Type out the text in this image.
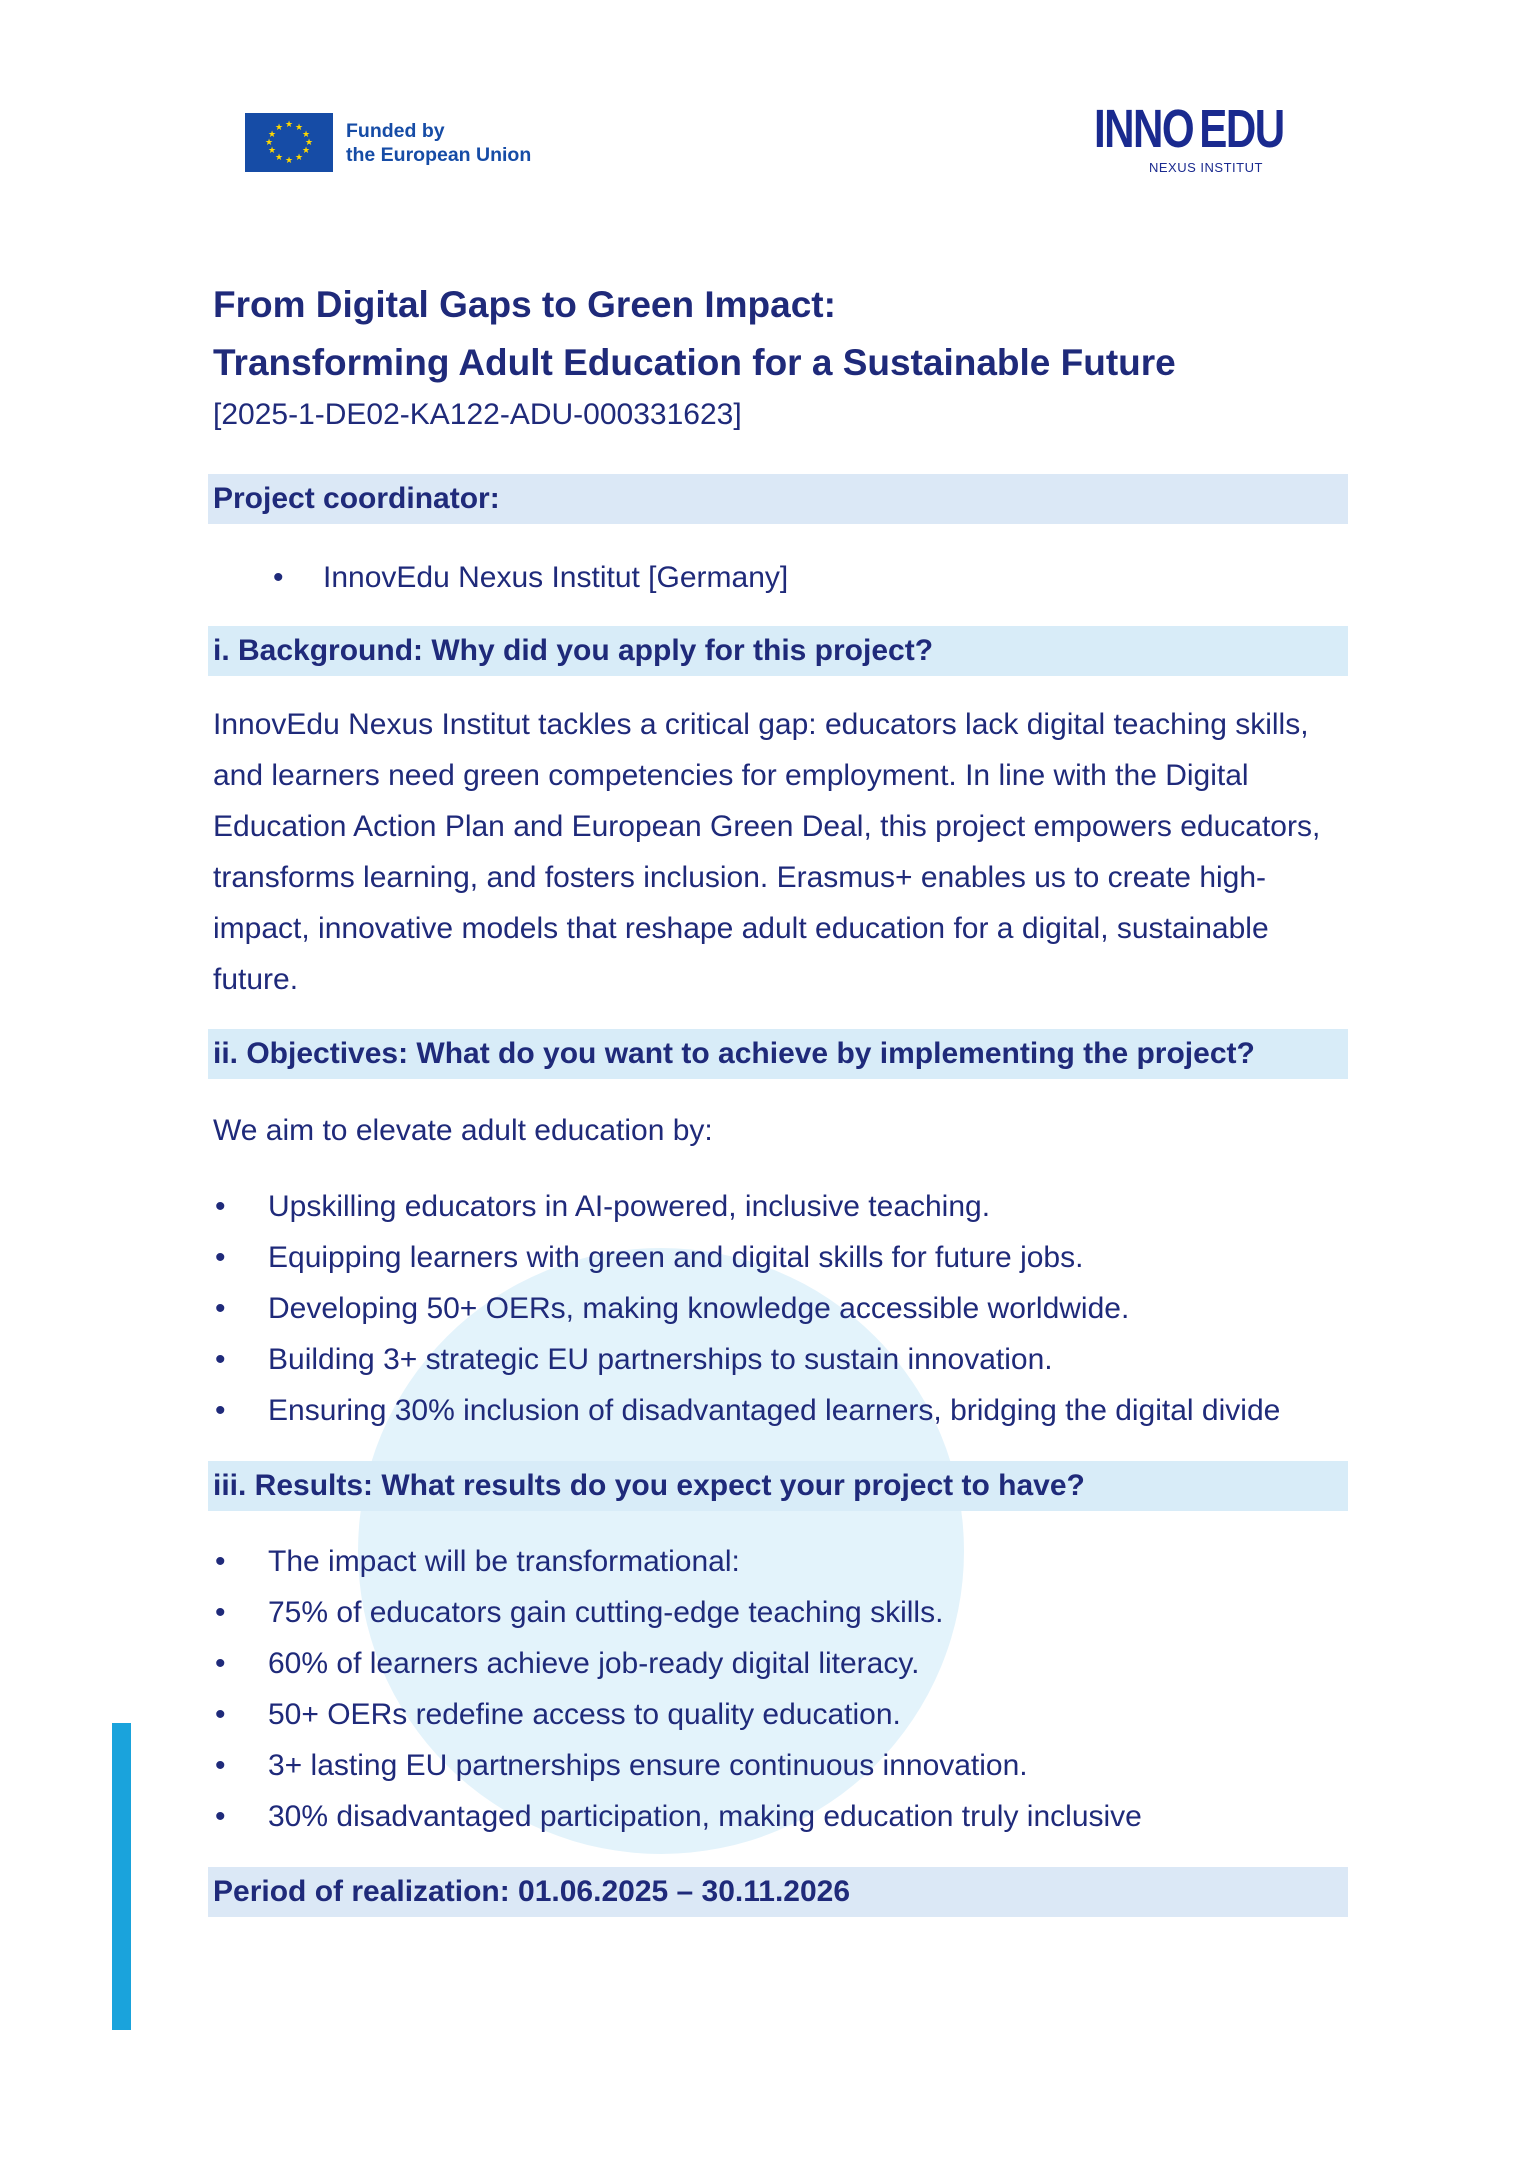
★ ★
★
★
★
★
★
★
★
★
★
★	Funded by
the European Union	INNO EDU
NEXUS INSTITUT
From Digital Gaps to Green Impact:
Transforming Adult Education for a Sustainable Future
[2025-1-DE02-KA122-ADU-000331623]
Project coordinator:
• InnovEdu Nexus Institut [Germany]
i. Background: Why did you apply for this project?
InnovEdu Nexus Institut tackles a critical gap: educators lack digital teaching skills, and learners need green competencies for employment. In line with the Digital Education Action Plan and European Green Deal, this project empowers educators, transforms learning, and fosters inclusion. Erasmus+ enables us to create high-impact, innovative models that reshape adult education for a digital, sustainable future.
ii. Objectives: What do you want to achieve by implementing the project?
We aim to elevate adult education by:
• Upskilling educators in AI-powered, inclusive teaching.
• Equipping learners with green and digital skills for future jobs.
• Developing 50+ OERs, making knowledge accessible worldwide.
• Building 3+ strategic EU partnerships to sustain innovation.
• Ensuring 30% inclusion of disadvantaged learners, bridging the digital divide
iii. Results: What results do you expect your project to have?
• The impact will be transformational:
• 75% of educators gain cutting-edge teaching skills.
• 60% of learners achieve job-ready digital literacy.
• 50+ OERs redefine access to quality education.
• 3+ lasting EU partnerships ensure continuous innovation.
• 30% disadvantaged participation, making education truly inclusive
Period of realization: 01.06.2025 – 30.11.2026
